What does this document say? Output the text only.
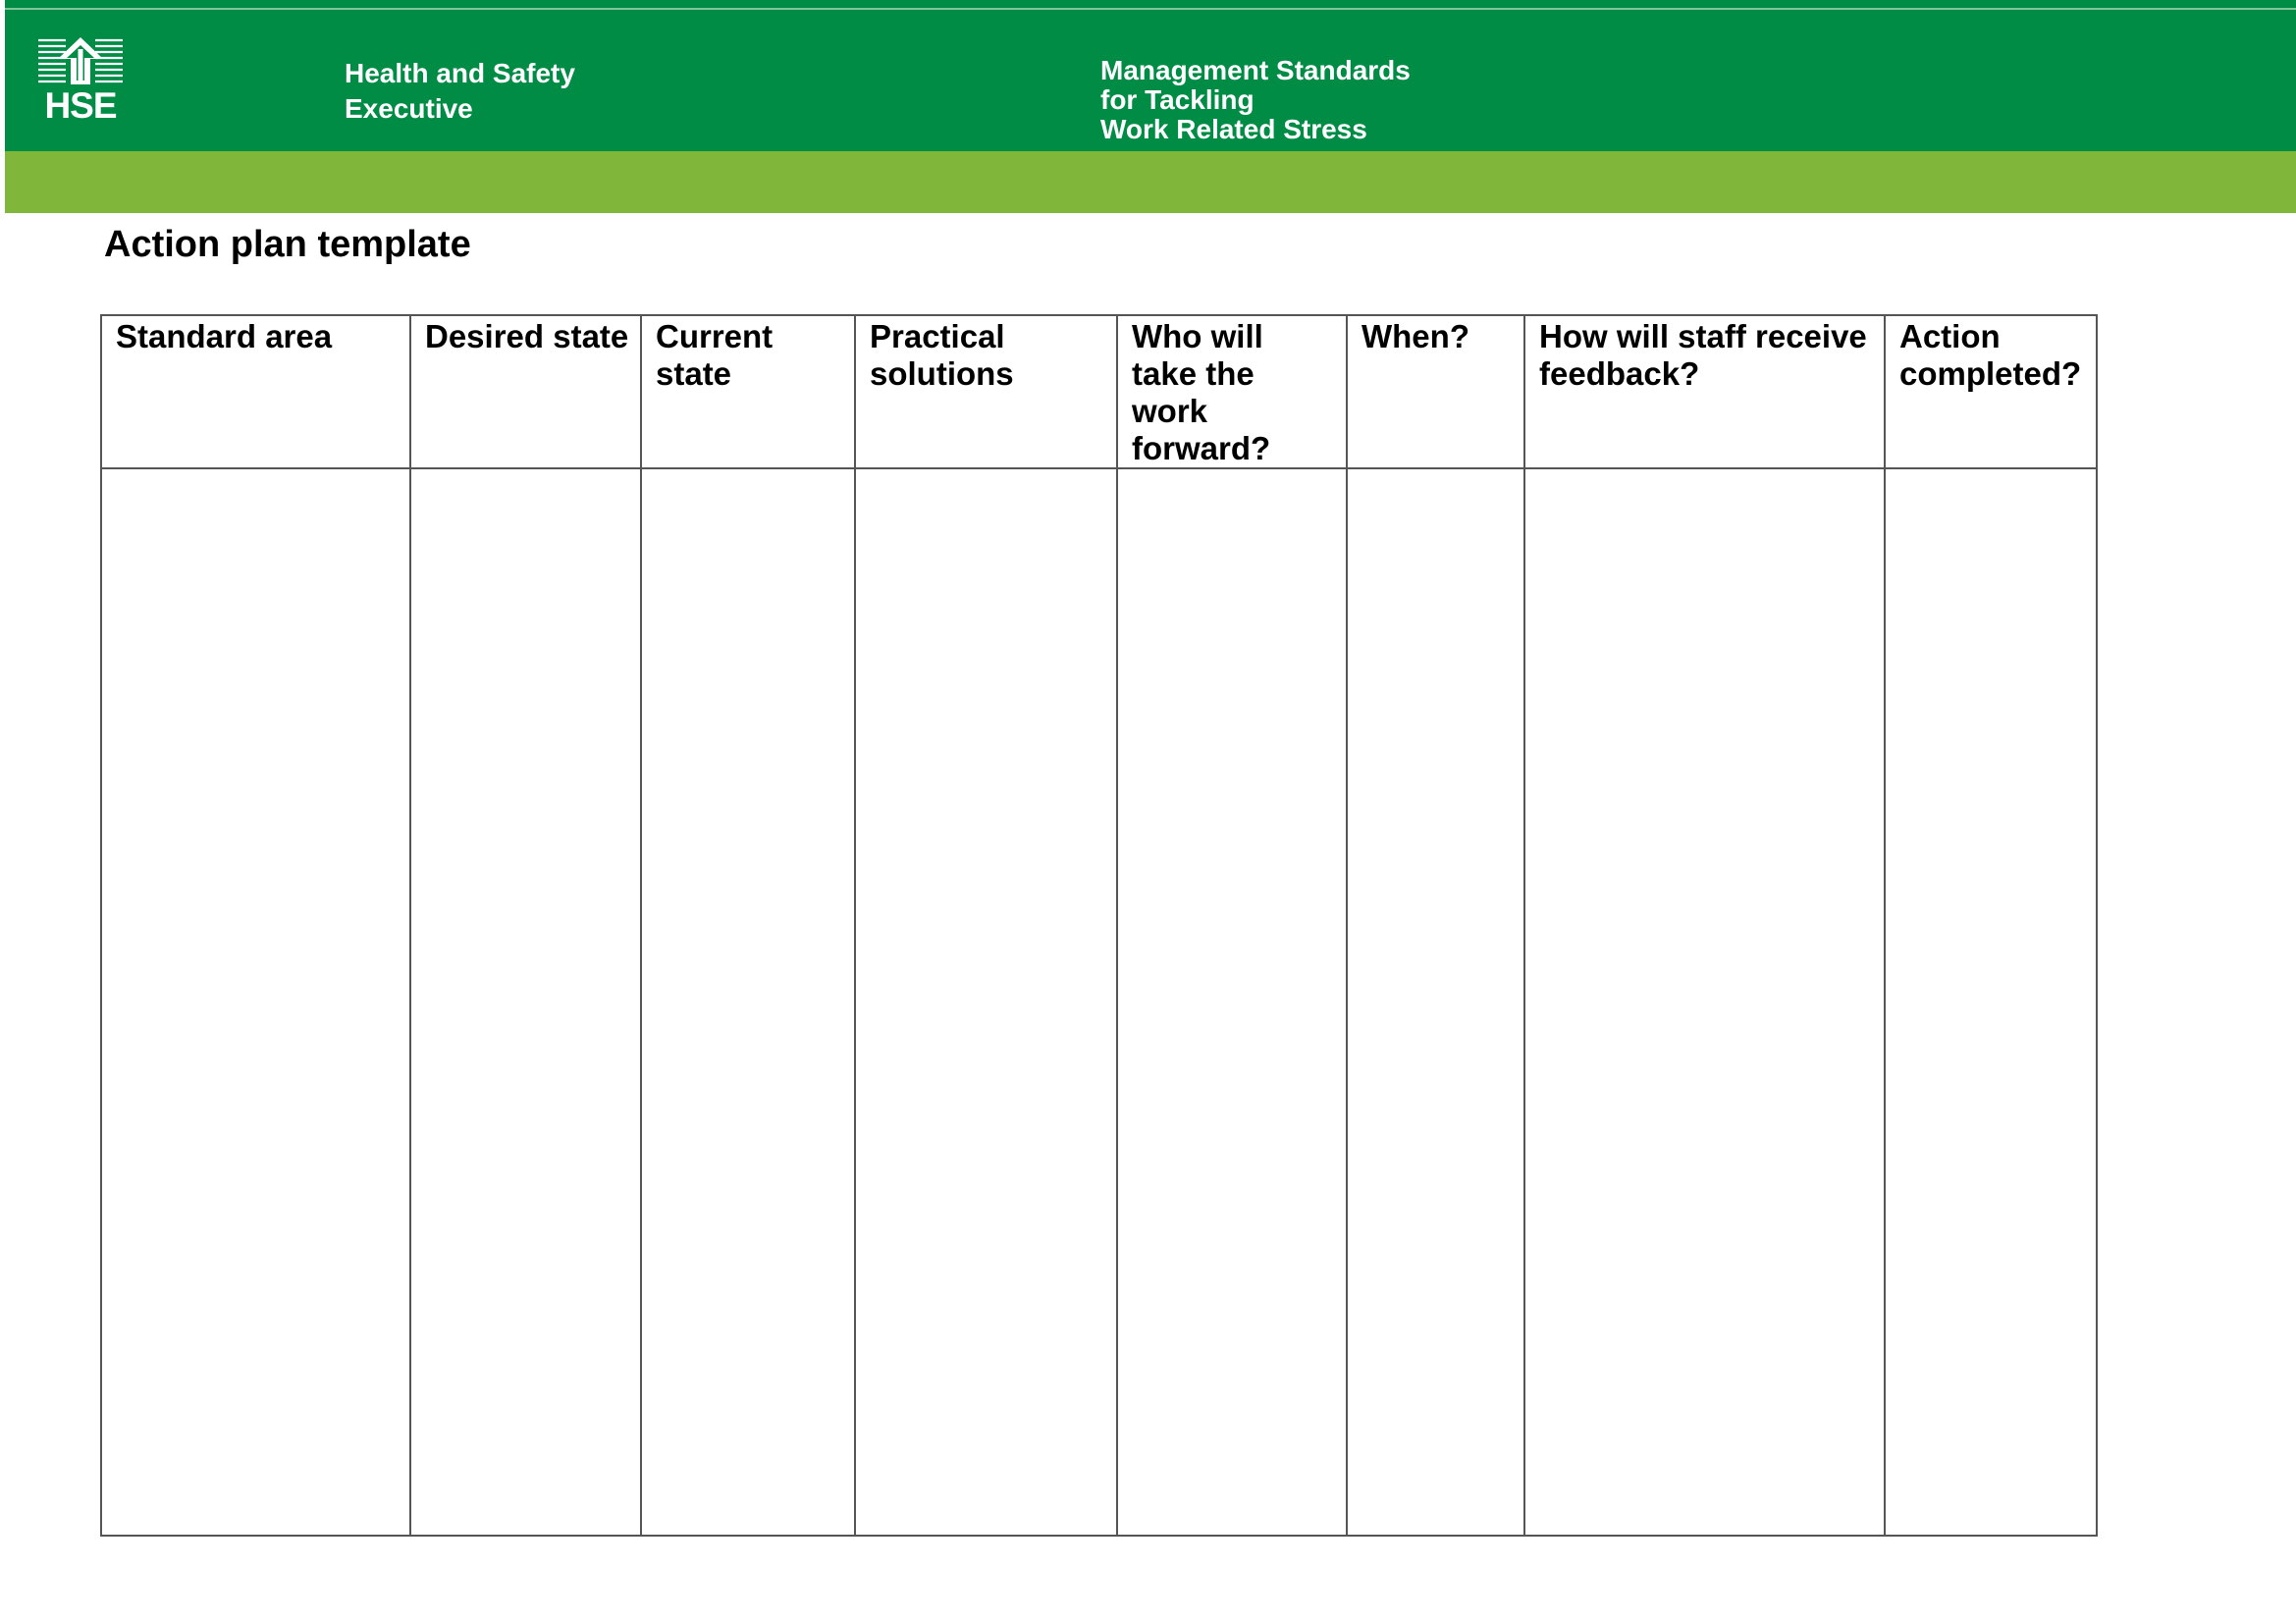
HSE
Health and Safety
Executive
Management Standards
for Tackling
Work Related Stress
Action plan template
Standard area	Desired state	Current state	Practical solutions	Who will take the work forward?	When?	How will staff receive feedback?	Action completed?
